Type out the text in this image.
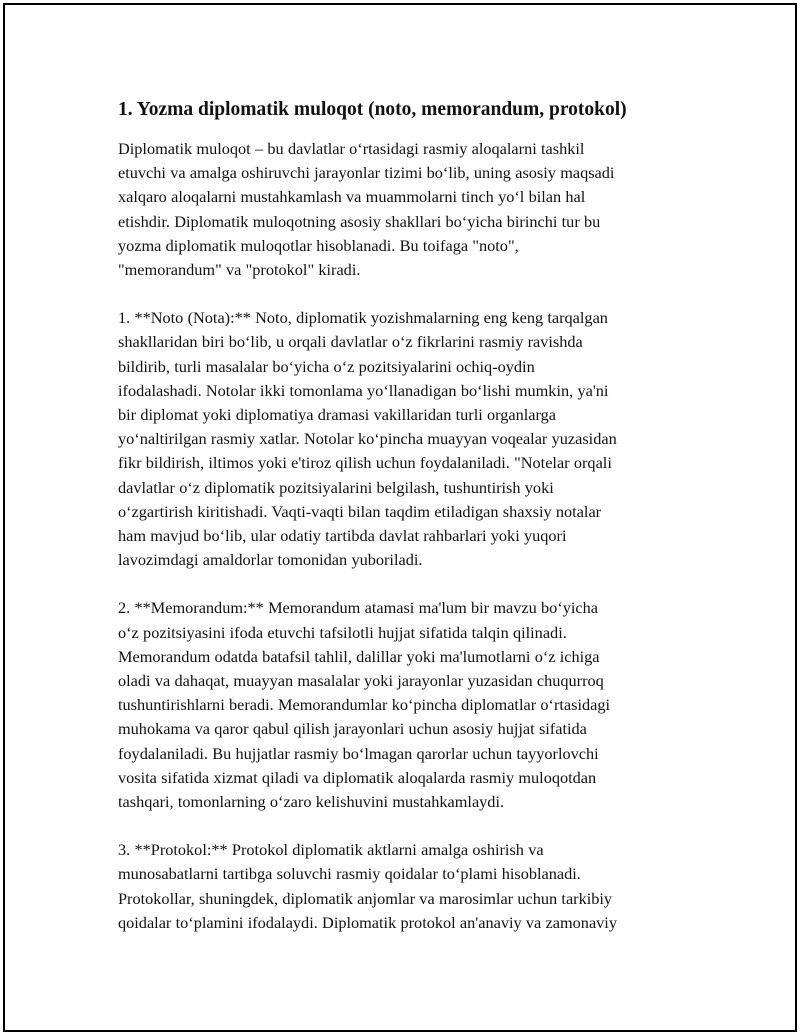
1. Yozma diplomatik muloqot (noto, memorandum, protokol)

Diplomatik muloqot – bu davlatlar o‘rtasidagi rasmiy aloqalarni tashkil
etuvchi va amalga oshiruvchi jarayonlar tizimi bo‘lib, uning asosiy maqsadi
xalqaro aloqalarni mustahkamlash va muammolarni tinch yo‘l bilan hal
etishdir. Diplomatik muloqotning asosiy shakllari bo‘yicha birinchi tur bu
yozma diplomatik muloqotlar hisoblanadi. Bu toifaga "noto",
"memorandum" va "protokol" kiradi.

1. **Noto (Nota):** Noto, diplomatik yozishmalarning eng keng tarqalgan
shakllaridan biri bo‘lib, u orqali davlatlar o‘z fikrlarini rasmiy ravishda
bildirib, turli masalalar bo‘yicha o‘z pozitsiyalarini ochiq-oydin
ifodalashadi. Notolar ikki tomonlama yo‘llanadigan bo‘lishi mumkin, ya'ni
bir diplomat yoki diplomatiya dramasi vakillaridan turli organlarga
yo‘naltirilgan rasmiy xatlar. Notolar ko‘pincha muayyan voqealar yuzasidan
fikr bildirish, iltimos yoki e'tiroz qilish uchun foydalaniladi. "Notelar orqali
davlatlar o‘z diplomatik pozitsiyalarini belgilash, tushuntirish yoki
o‘zgartirish kiritishadi. Vaqti-vaqti bilan taqdim etiladigan shaxsiy notalar
ham mavjud bo‘lib, ular odatiy tartibda davlat rahbarlari yoki yuqori
lavozimdagi amaldorlar tomonidan yuboriladi.

2. **Memorandum:** Memorandum atamasi ma'lum bir mavzu bo‘yicha
o‘z pozitsiyasini ifoda etuvchi tafsilotli hujjat sifatida talqin qilinadi.
Memorandum odatda batafsil tahlil, dalillar yoki ma'lumotlarni o‘z ichiga
oladi va dahaqat, muayyan masalalar yoki jarayonlar yuzasidan chuqurroq
tushuntirishlarni beradi. Memorandumlar ko‘pincha diplomatlar o‘rtasidagi
muhokama va qaror qabul qilish jarayonlari uchun asosiy hujjat sifatida
foydalaniladi. Bu hujjatlar rasmiy bo‘lmagan qarorlar uchun tayyorlovchi
vosita sifatida xizmat qiladi va diplomatik aloqalarda rasmiy muloqotdan
tashqari, tomonlarning o‘zaro kelishuvini mustahkamlaydi.

3. **Protokol:** Protokol diplomatik aktlarni amalga oshirish va
munosabatlarni tartibga soluvchi rasmiy qoidalar to‘plami hisoblanadi.
Protokollar, shuningdek, diplomatik anjomlar va marosimlar uchun tarkibiy
qoidalar to‘plamini ifodalaydi. Diplomatik protokol an'anaviy va zamonaviy
